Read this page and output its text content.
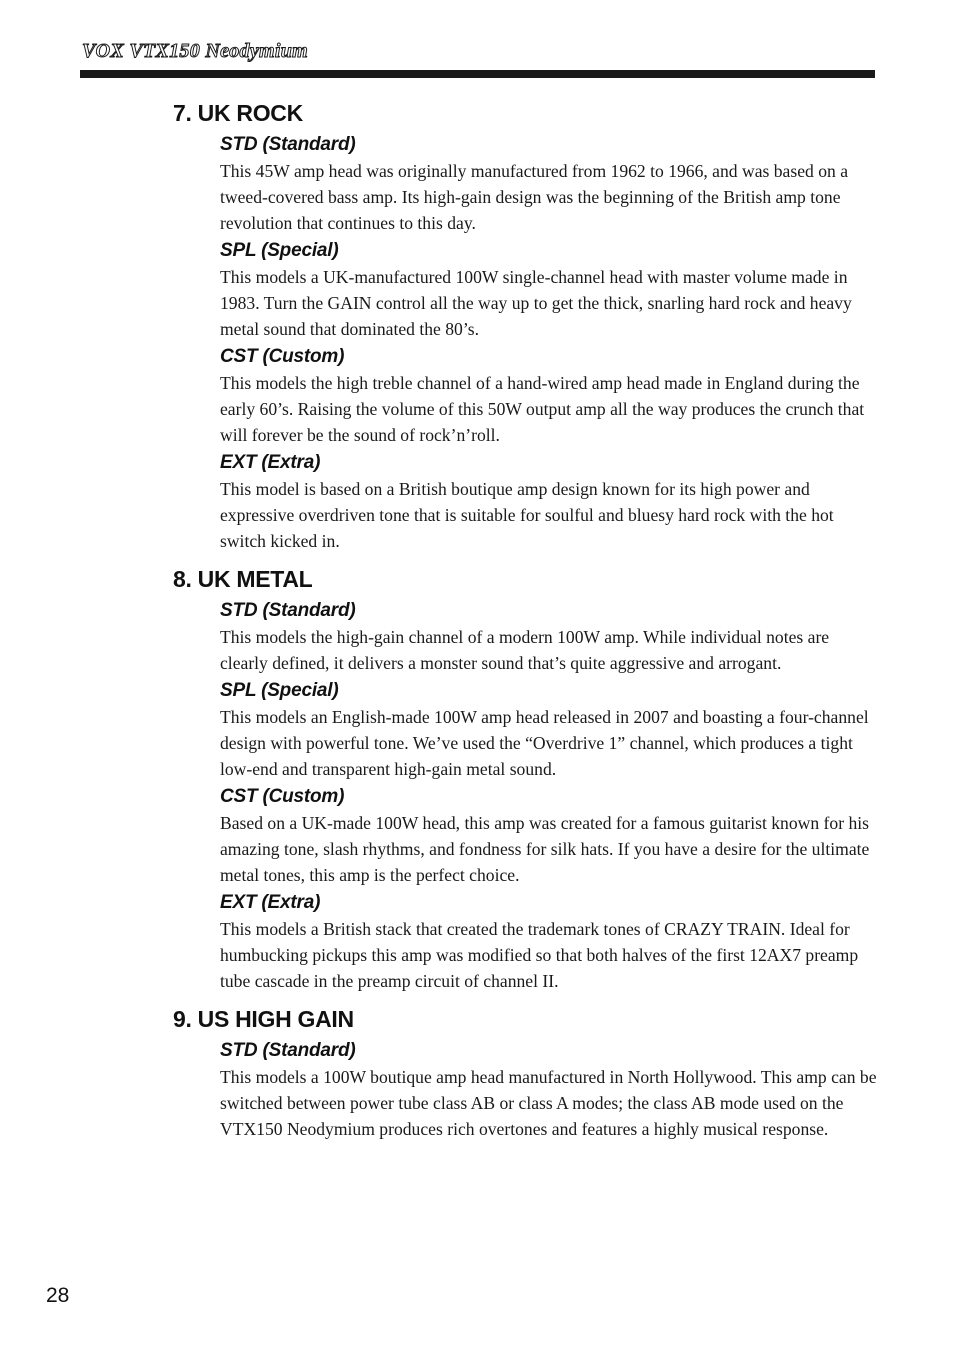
VOX VTX150 Neodymium
7. UK ROCK

STD (Standard)

This 45W amp head was originally manufactured from 1962 to 1966, and was based on a tweed-covered bass amp. Its high-gain design was the beginning of the British amp tone revolution that continues to this day.

SPL (Special)

This models a UK-manufactured 100W single-channel head with master volume made in 1983. Turn the GAIN control all the way up to get the thick, snarling hard rock and heavy metal sound that dominated the 80’s.

CST (Custom)

This models the high treble channel of a hand-wired amp head made in England during the early 60’s. Raising the volume of this 50W output amp all the way produces the crunch that will forever be the sound of rock’n’roll.

EXT (Extra)

This model is based on a British boutique amp design known for its high power and expressive overdriven tone that is suitable for soulful and bluesy hard rock with the hot switch kicked in.

8. UK METAL

STD (Standard)

This models the high-gain channel of a modern 100W amp. While individual notes are clearly defined, it delivers a monster sound that’s quite aggressive and arrogant.

SPL (Special)

This models an English-made 100W amp head released in 2007 and boasting a four-channel design with powerful tone. We’ve used the “Overdrive 1” channel, which produces a tight low-end and transparent high-gain metal sound.

CST (Custom)

Based on a UK-made 100W head, this amp was created for a famous guitarist known for his amazing tone, slash rhythms, and fondness for silk hats. If you have a desire for the ultimate metal tones, this amp is the perfect choice.

EXT (Extra)

This models a British stack that created the trademark tones of CRAZY TRAIN. Ideal for humbucking pickups this amp was modified so that both halves of the first 12AX7 preamp tube cascade in the preamp circuit of channel II.

9. US HIGH GAIN

STD (Standard)

This models a 100W boutique amp head manufactured in North Hollywood. This amp can be switched between power tube class AB or class A modes; the class AB mode used on the VTX150 Neodymium produces rich overtones and features a highly musical response.

28
